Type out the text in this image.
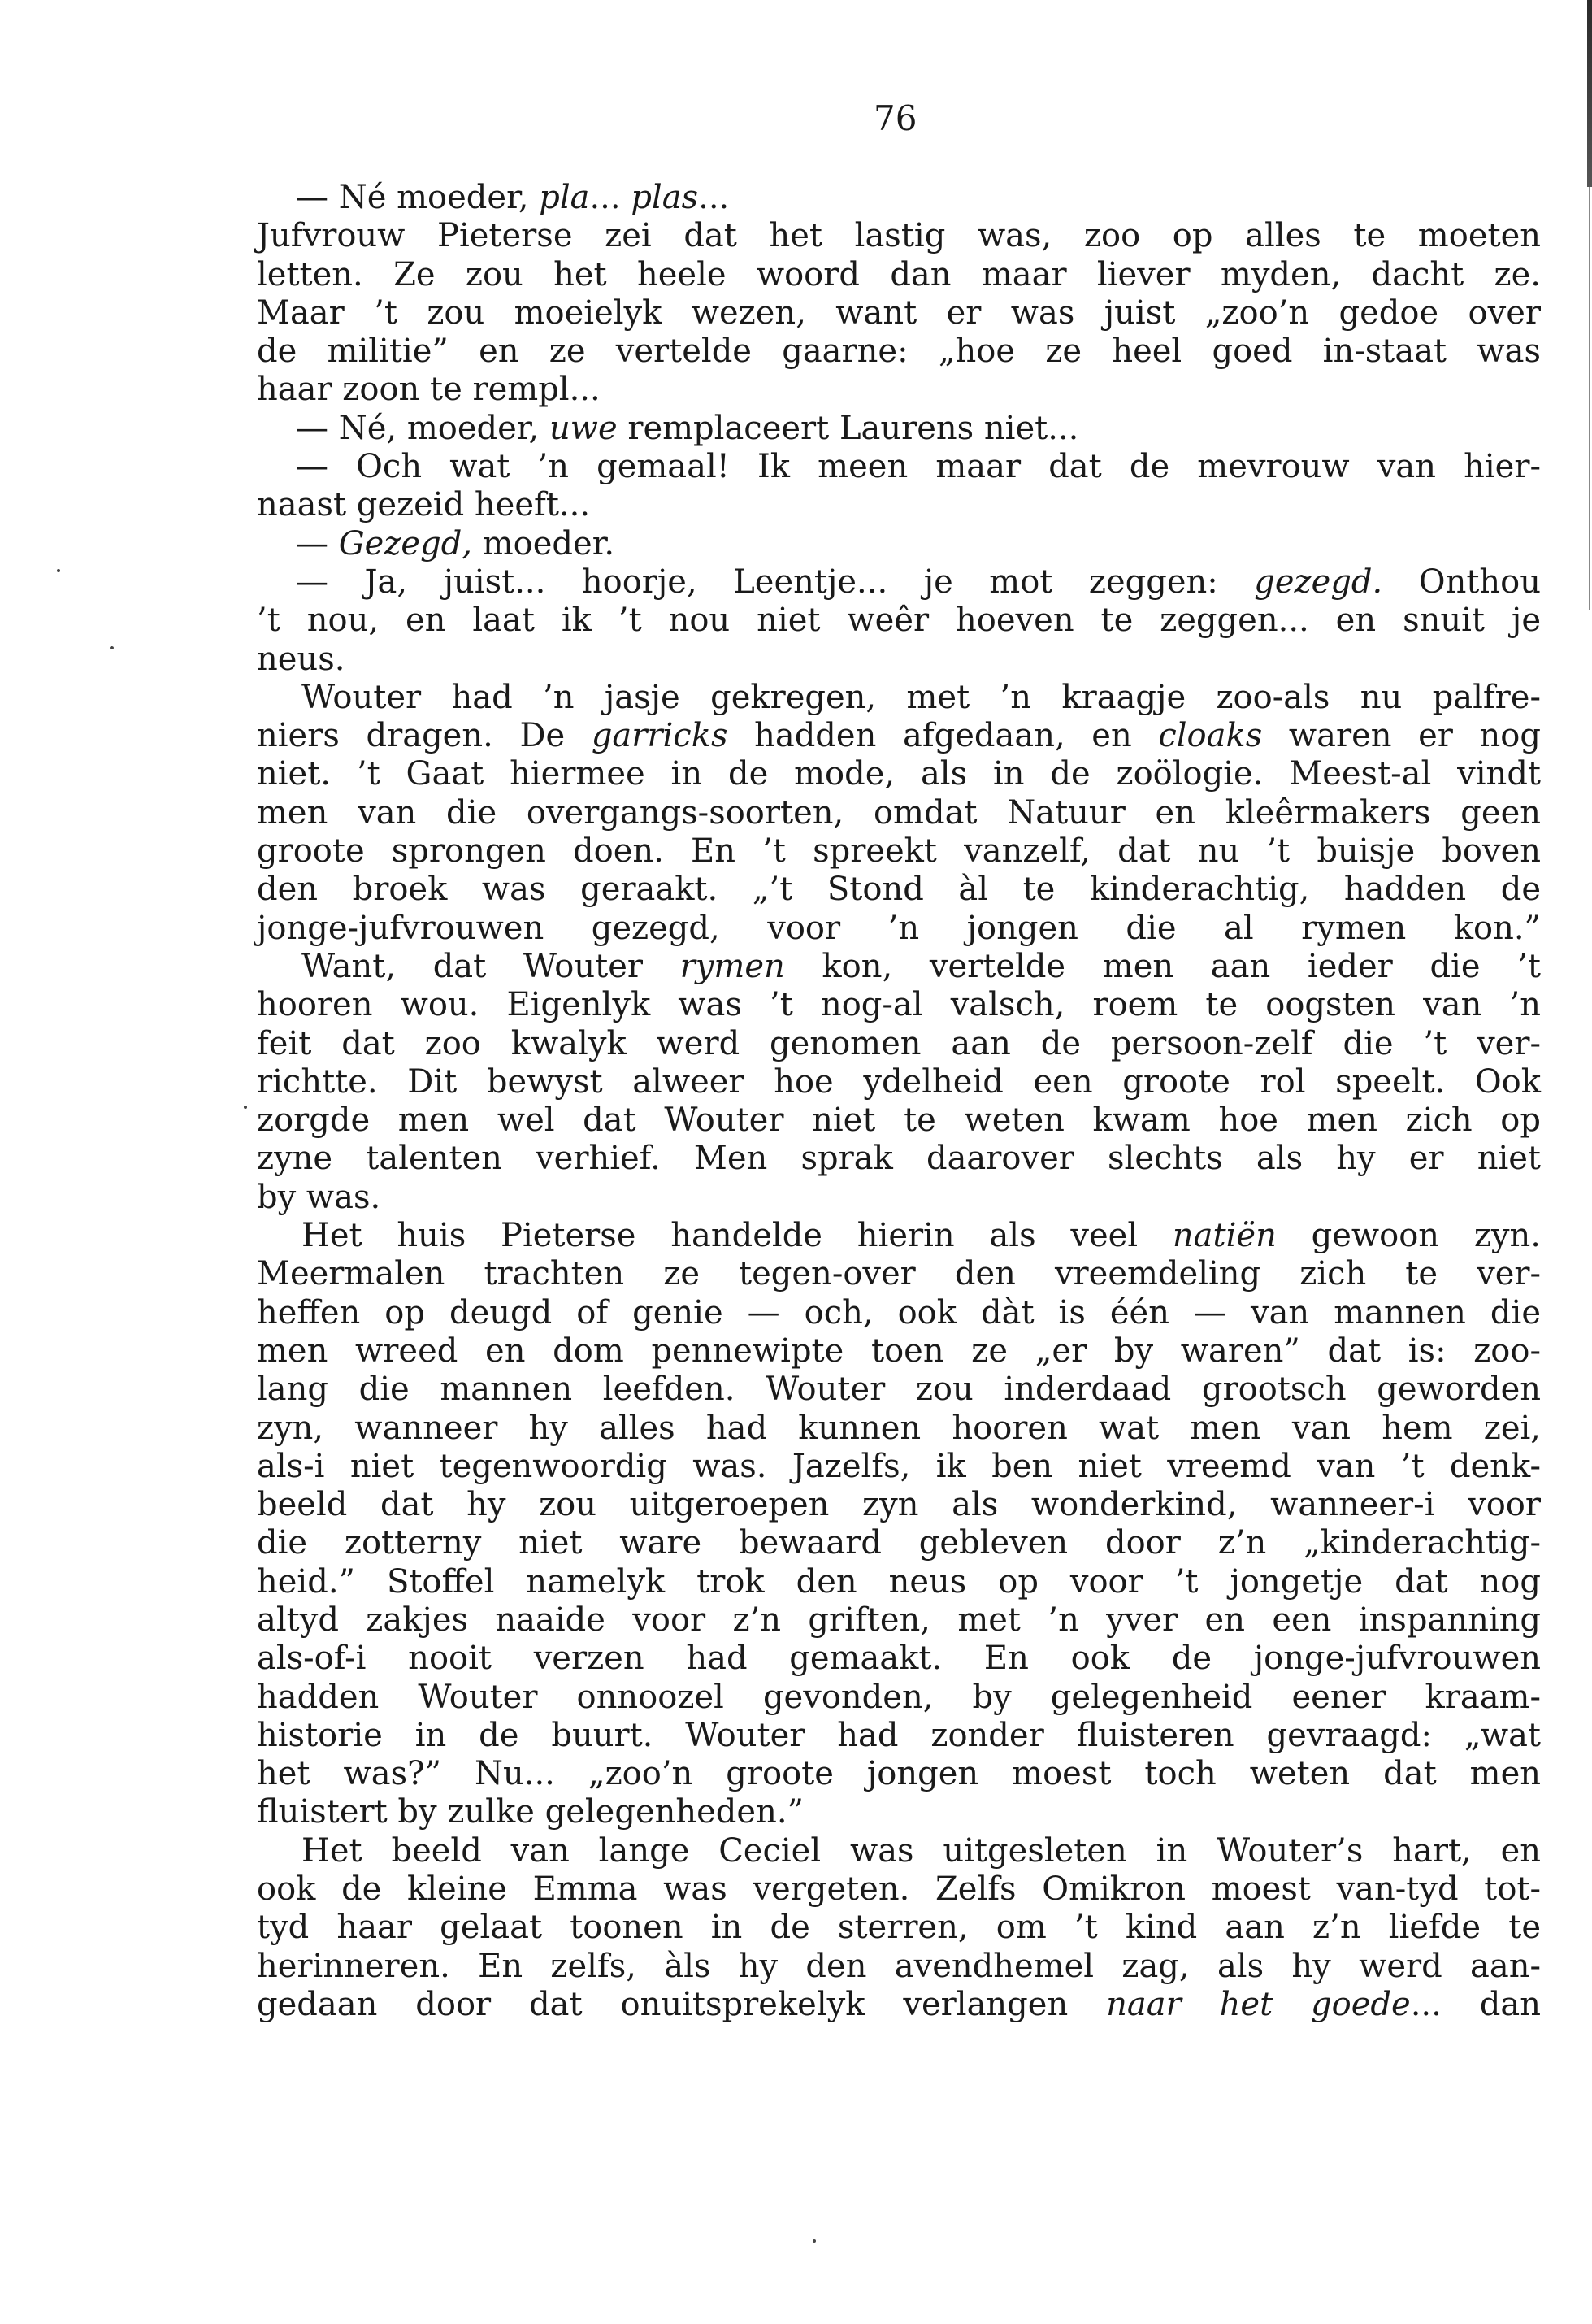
76
— Né moeder, pla... plas...
Jufvrouw Pieterse zei dat het lastig was, zoo op alles te moeten
letten. Ze zou het heele woord dan maar liever myden, dacht ze.
Maar ’t zou moeielyk wezen, want er was juist „zoo’n gedoe over
de militie” en ze vertelde gaarne: „hoe ze heel goed in-staat was
haar zoon te rempl...
— Né, moeder, uwe remplaceert Laurens niet...
— Och wat ’n gemaal! Ik meen maar dat de mevrouw van hier-
naast gezeid heeft...
— Gezegd, moeder.
— Ja, juist... hoorje, Leentje... je mot zeggen: gezegd. Onthou
’t nou, en laat ik ’t nou niet weêr hoeven te zeggen... en snuit je
neus.
Wouter had ’n jasje gekregen, met ’n kraagje zoo-als nu palfre-
niers dragen. De garricks hadden afgedaan, en cloaks waren er nog
niet. ’t Gaat hiermee in de mode, als in de zoölogie. Meest-al vindt
men van die overgangs-soorten, omdat Natuur en kleêrmakers geen
groote sprongen doen. En ’t spreekt vanzelf, dat nu ’t buisje boven
den broek was geraakt. „’t Stond àl te kinderachtig, hadden de
jonge-jufvrouwen gezegd, voor ’n jongen die al rymen kon.”
Want, dat Wouter rymen kon, vertelde men aan ieder die ’t
hooren wou. Eigenlyk was ’t nog-al valsch, roem te oogsten van ’n
feit dat zoo kwalyk werd genomen aan de persoon-zelf die ’t ver-
richtte. Dit bewyst alweer hoe ydelheid een groote rol speelt. Ook
zorgde men wel dat Wouter niet te weten kwam hoe men zich op
zyne talenten verhief. Men sprak daarover slechts als hy er niet
by was.
Het huis Pieterse handelde hierin als veel natiën gewoon zyn.
Meermalen trachten ze tegen-over den vreemdeling zich te ver-
heffen op deugd of genie — och, ook dàt is één — van mannen die
men wreed en dom pennewipte toen ze „er by waren” dat is: zoo-
lang die mannen leefden. Wouter zou inderdaad grootsch geworden
zyn, wanneer hy alles had kunnen hooren wat men van hem zei,
als-i niet tegenwoordig was. Jazelfs, ik ben niet vreemd van ’t denk-
beeld dat hy zou uitgeroepen zyn als wonderkind, wanneer-i voor
die zotterny niet ware bewaard gebleven door z’n „kinderachtig-
heid.” Stoffel namelyk trok den neus op voor ’t jongetje dat nog
altyd zakjes naaide voor z’n griften, met ’n yver en een inspanning
als-of-i nooit verzen had gemaakt. En ook de jonge-jufvrouwen
hadden Wouter onnoozel gevonden, by gelegenheid eener kraam-
historie in de buurt. Wouter had zonder fluisteren gevraagd: „wat
het was?” Nu... „zoo’n groote jongen moest toch weten dat men
fluistert by zulke gelegenheden.”
Het beeld van lange Ceciel was uitgesleten in Wouter’s hart, en
ook de kleine Emma was vergeten. Zelfs Omikron moest van-tyd tot-
tyd haar gelaat toonen in de sterren, om ’t kind aan z’n liefde te
herinneren. En zelfs, àls hy den avendhemel zag, als hy werd aan-
gedaan door dat onuitsprekelyk verlangen naar het goede... dan
